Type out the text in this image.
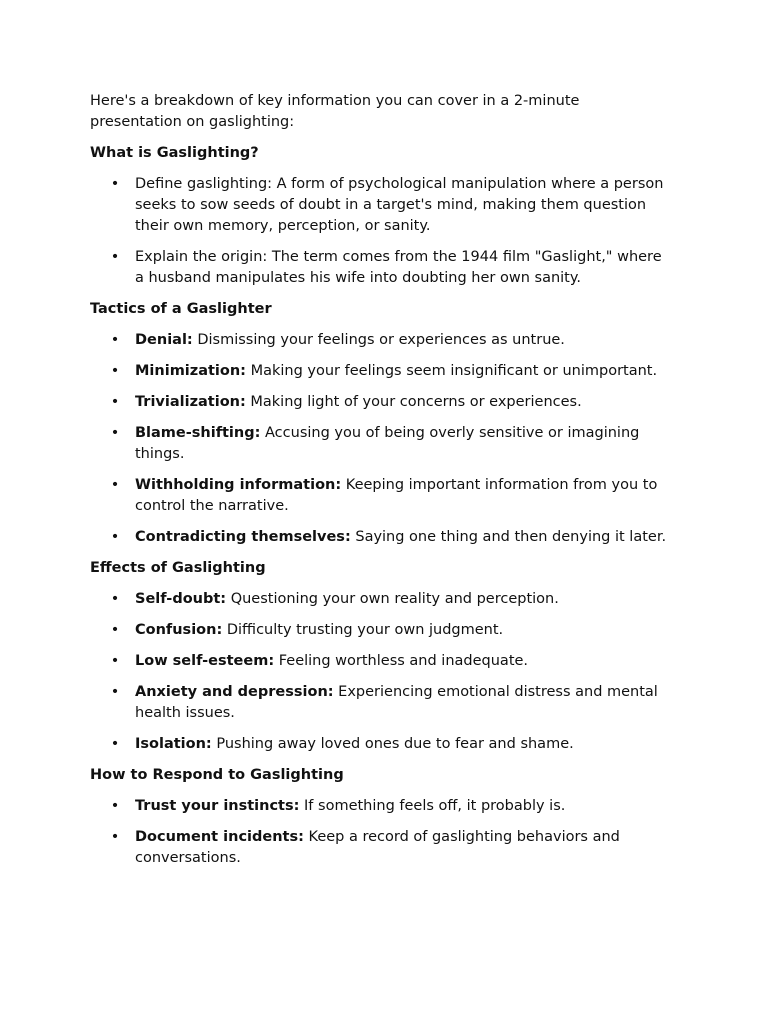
Here's a breakdown of key information you can cover in a 2-minute presentation on gaslighting:

What is Gaslighting?

• Define gaslighting: A form of psychological manipulation where a person seeks to sow seeds of doubt in a target's mind, making them question their own memory, perception, or sanity.
• Explain the origin: The term comes from the 1944 film "Gaslight," where a husband manipulates his wife into doubting her own sanity.

Tactics of a Gaslighter

• Denial: Dismissing your feelings or experiences as untrue.
• Minimization: Making your feelings seem insignificant or unimportant.
• Trivialization: Making light of your concerns or experiences.
• Blame-shifting: Accusing you of being overly sensitive or imagining things.
• Withholding information: Keeping important information from you to control the narrative.
• Contradicting themselves: Saying one thing and then denying it later.

Effects of Gaslighting

• Self-doubt: Questioning your own reality and perception.
• Confusion: Difficulty trusting your own judgment.
• Low self-esteem: Feeling worthless and inadequate.
• Anxiety and depression: Experiencing emotional distress and mental health issues.
• Isolation: Pushing away loved ones due to fear and shame.

How to Respond to Gaslighting

• Trust your instincts: If something feels off, it probably is.
• Document incidents: Keep a record of gaslighting behaviors and conversations.
